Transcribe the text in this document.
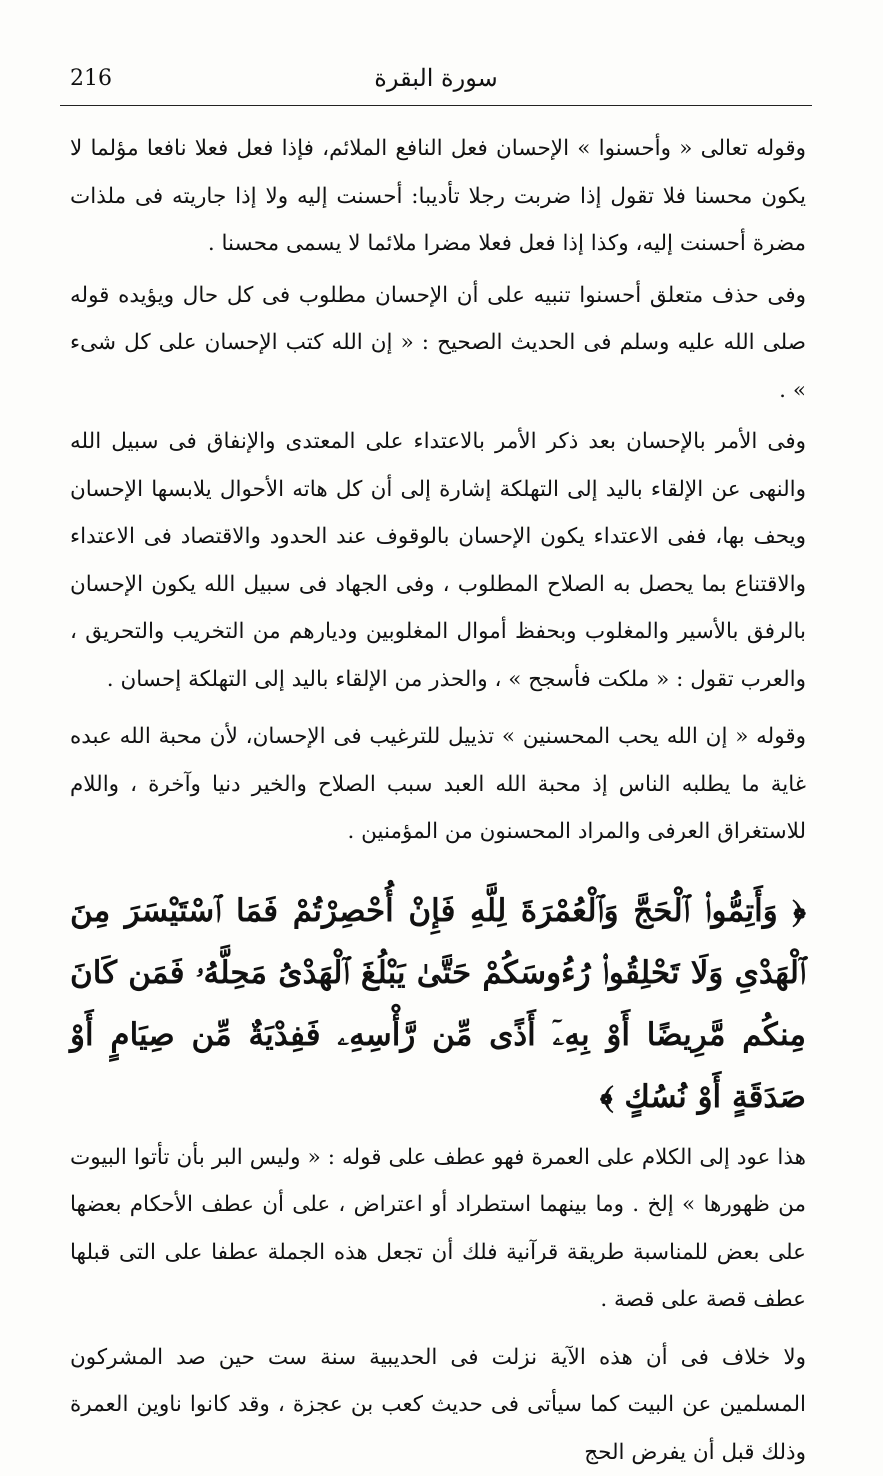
216	سورة البقرة

وقوله تعالى « وأحسنوا » الإحسان فعل النافع الملائم، فإذا فعل فعلا نافعا مؤلما لا يكون محسنا فلا تقول إذا ضربت رجلا تأديبا: أحسنت إليه ولا إذا جاريته فى ملذات مضرة أحسنت إليه، وكذا إذا فعل فعلا مضرا ملائما لا يسمى محسنا .

وفى حذف متعلق أحسنوا تنبيه على أن الإحسان مطلوب فى كل حال ويؤيده قوله صلى الله عليه وسلم فى الحديث الصحيح : « إن الله كتب الإحسان على كل شىء » .

وفى الأمر بالإحسان بعد ذكر الأمر بالاعتداء على المعتدى والإنفاق فى سبيل الله والنهى عن الإلقاء باليد إلى التهلكة إشارة إلى أن كل هاته الأحوال يلابسها الإحسان ويحف بها، ففى الاعتداء يكون الإحسان بالوقوف عند الحدود والاقتصاد فى الاعتداء والاقتناع بما يحصل به الصلاح المطلوب ، وفى الجهاد فى سبيل الله يكون الإحسان بالرفق بالأسير والمغلوب وبحفظ أموال المغلوبين وديارهم من التخريب والتحريق ، والعرب تقول : « ملكت فأسجح » ، والحذر من الإلقاء باليد إلى التهلكة إحسان .

وقوله « إن الله يحب المحسنين » تذييل للترغيب فى الإحسان، لأن محبة الله عبده غاية ما يطلبه الناس إذ محبة الله العبد سبب الصلاح والخير دنيا وآخرة ، واللام للاستغراق العرفى والمراد المحسنون من المؤمنين .

﴿ وَأَتِمُّوا۟ ٱلْحَجَّ وَٱلْعُمْرَةَ لِلَّهِ فَإِنْ أُحْصِرْتُمْ فَمَا ٱسْتَيْسَرَ مِنَ ٱلْهَدْىِ وَلَا تَحْلِقُوا۟ رُءُوسَكُمْ حَتَّىٰ يَبْلُغَ ٱلْهَدْىُ مَحِلَّهُۥ فَمَن كَانَ مِنكُم مَّرِيضًا أَوْ بِهِۦٓ أَذًى مِّن رَّأْسِهِۦ فَفِدْيَةٌ مِّن صِيَامٍ أَوْ صَدَقَةٍ أَوْ نُسُكٍ ﴾

هذا عود إلى الكلام على العمرة فهو عطف على قوله : « وليس البر بأن تأتوا البيوت من ظهورها » إلخ . وما بينهما استطراد أو اعتراض ، على أن عطف الأحكام بعضها على بعض للمناسبة طريقة قرآنية فلك أن تجعل هذه الجملة عطفا على التى قبلها عطف قصة على قصة .

ولا خلاف فى أن هذه الآية نزلت فى الحديبية سنة ست حين صد المشركون المسلمين عن البيت كما سيأتى فى حديث كعب بن عجزة ، وقد كانوا ناوين العمرة وذلك قبل أن يفرض الحج
